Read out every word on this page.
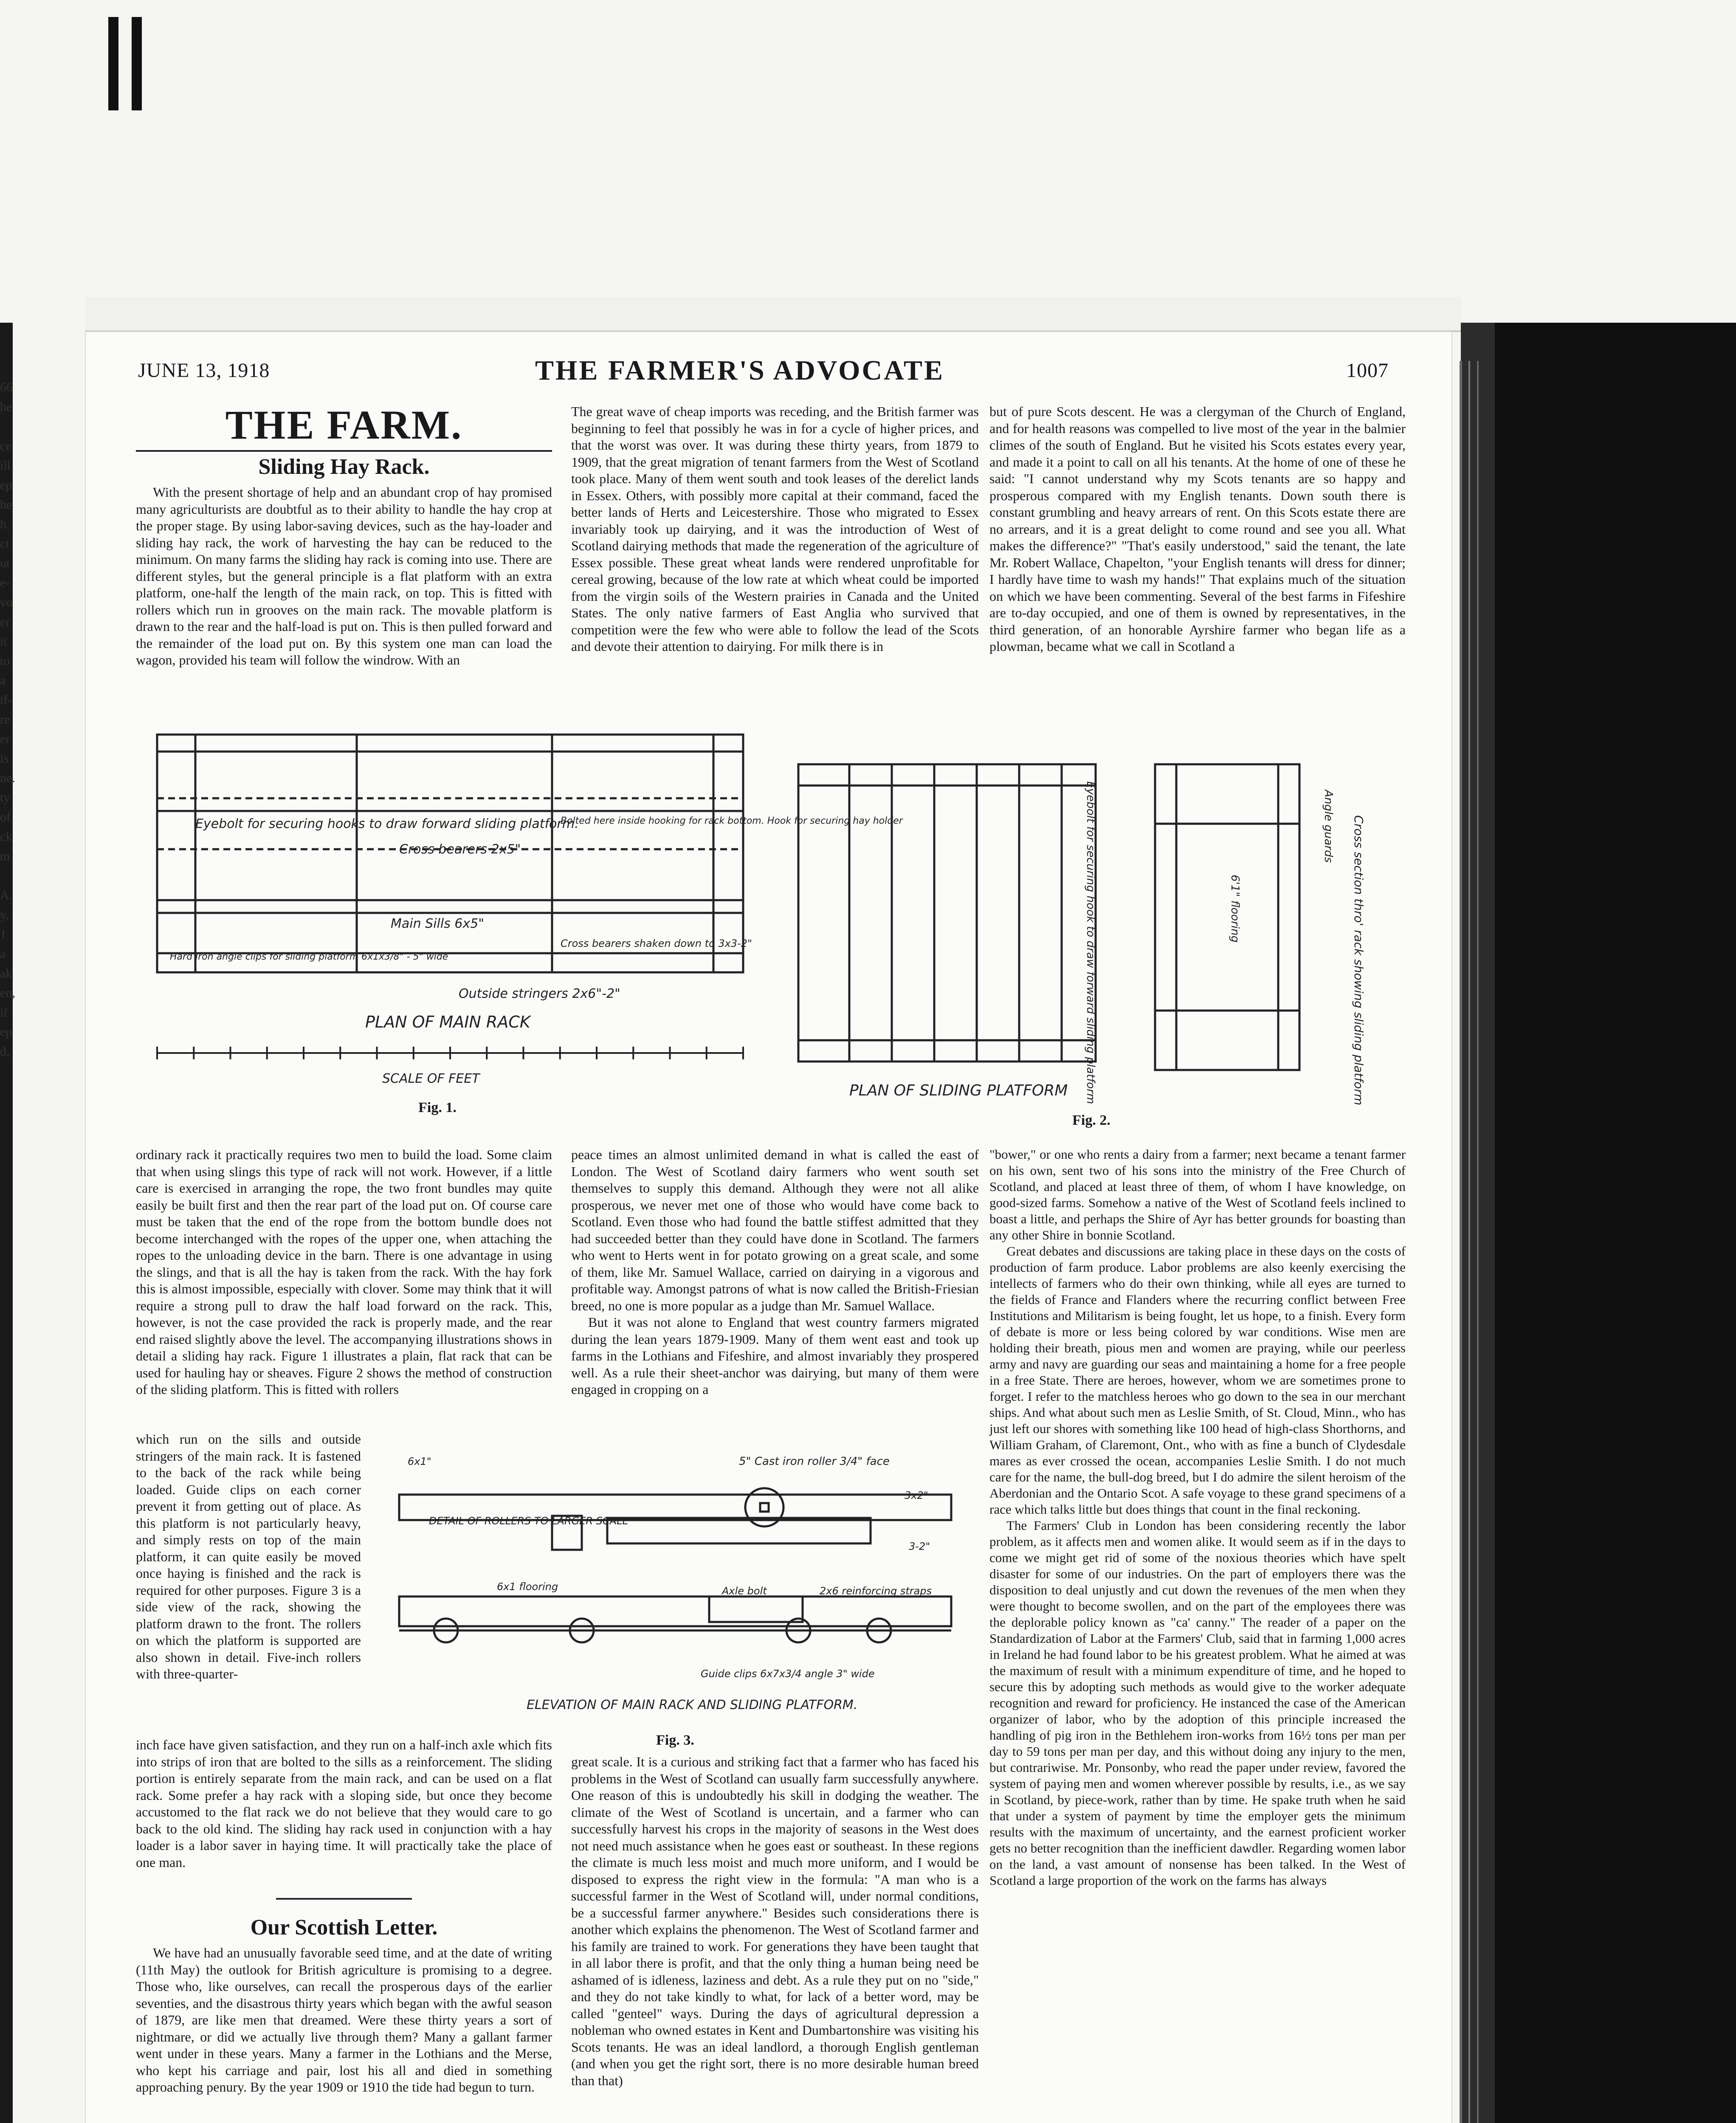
66
he

ce
ill
ep
he
h,
ct
ut
e-
vo
er
it
to
a
if-
re
er
is
ne.
ty
of
ck
m

A.
y,
1
a
ak
en,
if
ep
d,
JUNE 13, 1918	THE FARMER'S ADVOCATE	1007
THE FARM.
Sliding Hay Rack.

With the present shortage of help and an abundant crop of hay promised many agriculturists are doubtful as to their ability to handle the hay crop at the proper stage. By using labor-saving devices, such as the hay-loader and sliding hay rack, the work of harvesting the hay can be reduced to the minimum. On many farms the sliding hay rack is coming into use. There are different styles, but the general principle is a flat platform with an extra platform, one-half the length of the main rack, on top. This is fitted with rollers which run in grooves on the main rack. The movable platform is drawn to the rear and the half-load is put on. This is then pulled forward and the remainder of the load put on. By this system one man can load the wagon, provided his team will follow the windrow. With an

The great wave of cheap imports was receding, and the British farmer was beginning to feel that possibly he was in for a cycle of higher prices, and that the worst was over. It was during these thirty years, from 1879 to 1909, that the great migration of tenant farmers from the West of Scotland took place. Many of them went south and took leases of the derelict lands in Essex. Others, with possibly more capital at their command, faced the better lands of Herts and Leicestershire. Those who migrated to Essex invariably took up dairying, and it was the introduction of West of Scotland dairying methods that made the regeneration of the agriculture of Essex possible. These great wheat lands were rendered unprofitable for cereal growing, because of the low rate at which wheat could be imported from the virgin soils of the Western prairies in Canada and the United States. The only native farmers of East Anglia who survived that competition were the few who were able to follow the lead of the Scots and devote their attention to dairying. For milk there is in

but of pure Scots descent. He was a clergyman of the Church of England, and for health reasons was compelled to live most of the year in the balmier climes of the south of England. But he visited his Scots estates every year, and made it a point to call on all his tenants. At the home of one of these he said: "I cannot understand why my Scots tenants are so happy and prosperous compared with my English tenants. Down south there is constant grumbling and heavy arrears of rent. On this Scots estate there are no arrears, and it is a great delight to come round and see you all. What makes the difference?" "That's easily understood," said the tenant, the late Mr. Robert Wallace, Chapelton, "your English tenants will dress for dinner; I hardly have time to wash my hands!" That explains much of the situation on which we have been commenting. Several of the best farms in Fifeshire are to-day occupied, and one of them is owned by representatives, in the third generation, of an honorable Ayrshire farmer who began life as a plowman, became what we call in Scotland a

Eyebolt for securing hooks to draw forward sliding platform.
Cross bearers 2x5"
Bolted here inside hooking for rack bottom. Hook for securing hay holder
Main Sills 6x5"
Hard iron angle clips for sliding platform 6x1x3/8" - 5" wide
Cross bearers shaken down to 3x3-2"
Outside stringers 2x6"-2"
PLAN OF MAIN RACK
SCALE OF FEET
Fig. 1.
Eyebolt for securing hook to draw forward sliding platform	Cross section thro' rack showing sliding platform
Angle guards
6'1" flooring
PLAN OF SLIDING PLATFORM
Fig. 2.

ordinary rack it practically requires two men to build the load. Some claim that when using slings this type of rack will not work. However, if a little care is exercised in arranging the rope, the two front bundles may quite easily be built first and then the rear part of the load put on. Of course care must be taken that the end of the rope from the bottom bundle does not become interchanged with the ropes of the upper one, when attaching the ropes to the unloading device in the barn. There is one advantage in using the slings, and that is all the hay is taken from the rack. With the hay fork this is almost impossible, especially with clover. Some may think that it will require a strong pull to draw the half load forward on the rack. This, however, is not the case provided the rack is properly made, and the rear end raised slightly above the level. The accompanying illustrations shows in detail a sliding hay rack. Figure 1 illustrates a plain, flat rack that can be used for hauling hay or sheaves. Figure 2 shows the method of construction of the sliding platform. This is fitted with rollers

which run on the sills and outside stringers of the main rack. It is fastened to the back of the rack while being loaded. Guide clips on each corner prevent it from getting out of place. As this platform is not particularly heavy, and simply rests on top of the main platform, it can quite easily be moved once haying is finished and the rack is required for other purposes. Figure 3 is a side view of the rack, showing the platform drawn to the front. The rollers on which the platform is supported are also shown in detail. Five-inch rollers with three-quarter-

inch face have given satisfaction, and they run on a half-inch axle which fits into strips of iron that are bolted to the sills as a reinforcement. The sliding portion is entirely separate from the main rack, and can be used on a flat rack. Some prefer a hay rack with a sloping side, but once they become accustomed to the flat rack we do not believe that they would care to go back to the old kind. The sliding hay rack used in conjunction with a hay loader is a labor saver in haying time. It will practically take the place of one man.

Our Scottish Letter.

We have had an unusually favorable seed time, and at the date of writing (11th May) the outlook for British agriculture is promising to a degree. Those who, like ourselves, can recall the prosperous days of the earlier seventies, and the disastrous thirty years which began with the awful season of 1879, are like men that dreamed. Were these thirty years a sort of nightmare, or did we actually live through them? Many a gallant farmer went under in these years. Many a farmer in the Lothians and the Merse, who kept his carriage and pair, lost his all and died in something approaching penury. By the year 1909 or 1910 the tide had begun to turn.

peace times an almost unlimited demand in what is called the east of London. The West of Scotland dairy farmers who went south set themselves to supply this demand. Although they were not all alike prosperous, we never met one of those who would have come back to Scotland. Even those who had found the battle stiffest admitted that they had succeeded better than they could have done in Scotland. The farmers who went to Herts went in for potato growing on a great scale, and some of them, like Mr. Samuel Wallace, carried on dairying in a vigorous and profitable way. Amongst patrons of what is now called the British-Friesian breed, no one is more popular as a judge than Mr. Samuel Wallace.

But it was not alone to England that west country farmers migrated during the lean years 1879-1909. Many of them went east and took up farms in the Lothians and Fifeshire, and almost invariably they prospered well. As a rule their sheet-anchor was dairying, but many of them were engaged in cropping on a

5" Cast iron roller 3/4" face
DETAIL OF ROLLERS TO LARGER SCALE
6x1"
3x2"
Guide clips 6x7x3/4 angle 3" wide
2x6 reinforcing straps
Axle bolt
6x1 flooring
3-2"
ELEVATION OF MAIN RACK AND SLIDING PLATFORM.
Fig. 3.

great scale. It is a curious and striking fact that a farmer who has faced his problems in the West of Scotland can usually farm successfully anywhere. One reason of this is undoubtedly his skill in dodging the weather. The climate of the West of Scotland is uncertain, and a farmer who can successfully harvest his crops in the majority of seasons in the West does not need much assistance when he goes east or southeast. In these regions the climate is much less moist and much more uniform, and I would be disposed to express the right view in the formula: "A man who is a successful farmer in the West of Scotland will, under normal conditions, be a successful farmer anywhere." Besides such considerations there is another which explains the phenomenon. The West of Scotland farmer and his family are trained to work. For generations they have been taught that in all labor there is profit, and that the only thing a human being need be ashamed of is idleness, laziness and debt. As a rule they put on no "side," and they do not take kindly to what, for lack of a better word, may be called "genteel" ways. During the days of agricultural depression a nobleman who owned estates in Kent and Dumbartonshire was visiting his Scots tenants. He was an ideal landlord, a thorough English gentleman (and when you get the right sort, there is no more desirable human breed than that)

"bower," or one who rents a dairy from a farmer; next became a tenant farmer on his own, sent two of his sons into the ministry of the Free Church of Scotland, and placed at least three of them, of whom I have knowledge, on good-sized farms. Somehow a native of the West of Scotland feels inclined to boast a little, and perhaps the Shire of Ayr has better grounds for boasting than any other Shire in bonnie Scotland.

Great debates and discussions are taking place in these days on the costs of production of farm produce. Labor problems are also keenly exercising the intellects of farmers who do their own thinking, while all eyes are turned to the fields of France and Flanders where the recurring conflict between Free Institutions and Militarism is being fought, let us hope, to a finish. Every form of debate is more or less being colored by war conditions. Wise men are holding their breath, pious men and women are praying, while our peerless army and navy are guarding our seas and maintaining a home for a free people in a free State. There are heroes, however, whom we are sometimes prone to forget. I refer to the matchless heroes who go down to the sea in our merchant ships. And what about such men as Leslie Smith, of St. Cloud, Minn., who has just left our shores with something like 100 head of high-class Shorthorns, and William Graham, of Claremont, Ont., who with as fine a bunch of Clydesdale mares as ever crossed the ocean, accompanies Leslie Smith. I do not much care for the name, the bull-dog breed, but I do admire the silent heroism of the Aberdonian and the Ontario Scot. A safe voyage to these grand specimens of a race which talks little but does things that count in the final reckoning.

The Farmers' Club in London has been considering recently the labor problem, as it affects men and women alike. It would seem as if in the days to come we might get rid of some of the noxious theories which have spelt disaster for some of our industries. On the part of employers there was the disposition to deal unjustly and cut down the revenues of the men when they were thought to become swollen, and on the part of the employees there was the deplorable policy known as "ca' canny." The reader of a paper on the Standardization of Labor at the Farmers' Club, said that in farming 1,000 acres in Ireland he had found labor to be his greatest problem. What he aimed at was the maximum of result with a minimum expenditure of time, and he hoped to secure this by adopting such methods as would give to the worker adequate recognition and reward for proficiency. He instanced the case of the American organizer of labor, who by the adoption of this principle increased the handling of pig iron in the Bethlehem iron-works from 16½ tons per man per day to 59 tons per man per day, and this without doing any injury to the men, but contrariwise. Mr. Ponsonby, who read the paper under review, favored the system of paying men and women wherever possible by results, i.e., as we say in Scotland, by piece-work, rather than by time. He spake truth when he said that under a system of payment by time the employer gets the minimum results with the maximum of uncertainty, and the earnest proficient worker gets no better recognition than the inefficient dawdler. Regarding women labor on the land, a vast amount of nonsense has been talked. In the West of Scotland a large proportion of the work on the farms has always
